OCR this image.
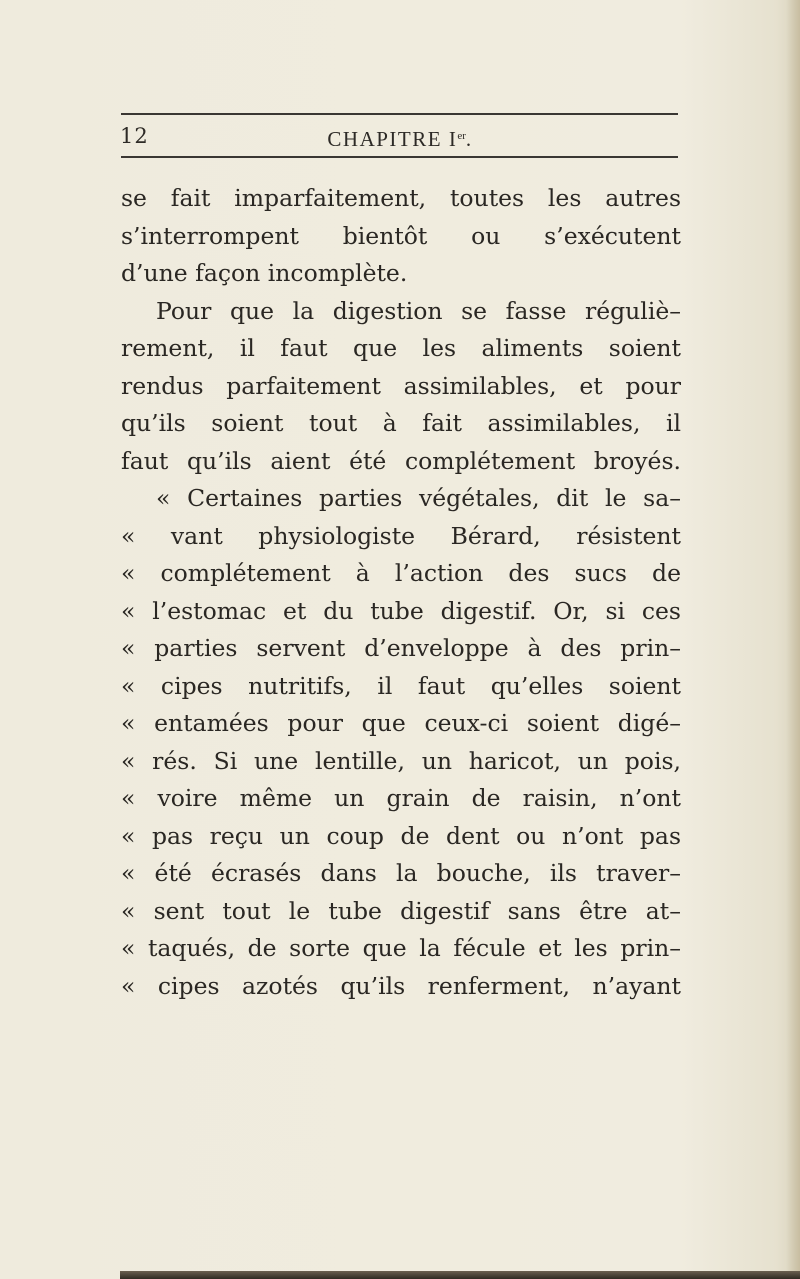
12	CHAPITRE Ier.
se fait imparfaitement, toutes les autres
s’interrompent bientôt ou s’exécutent
d’une façon incomplète.
Pour que la digestion se fasse réguliè–
rement, il faut que les aliments soient
rendus parfaitement assimilables, et pour
qu’ils soient tout à fait assimilables, il
faut qu’ils aient été complétement broyés.
« Certaines parties végétales, dit le sa–
« vant physiologiste Bérard, résistent
« complétement à l’action des sucs de
« l’estomac et du tube digestif. Or, si ces
« parties servent d’enveloppe à des prin–
« cipes nutritifs, il faut qu’elles soient
« entamées pour que ceux-ci soient digé–
« rés. Si une lentille, un haricot, un pois,
« voire même un grain de raisin, n’ont
« pas reçu un coup de dent ou n’ont pas
« été écrasés dans la bouche, ils traver–
« sent tout le tube digestif sans être at–
« taqués, de sorte que la fécule et les prin–
« cipes azotés qu’ils renferment, n’ayant
